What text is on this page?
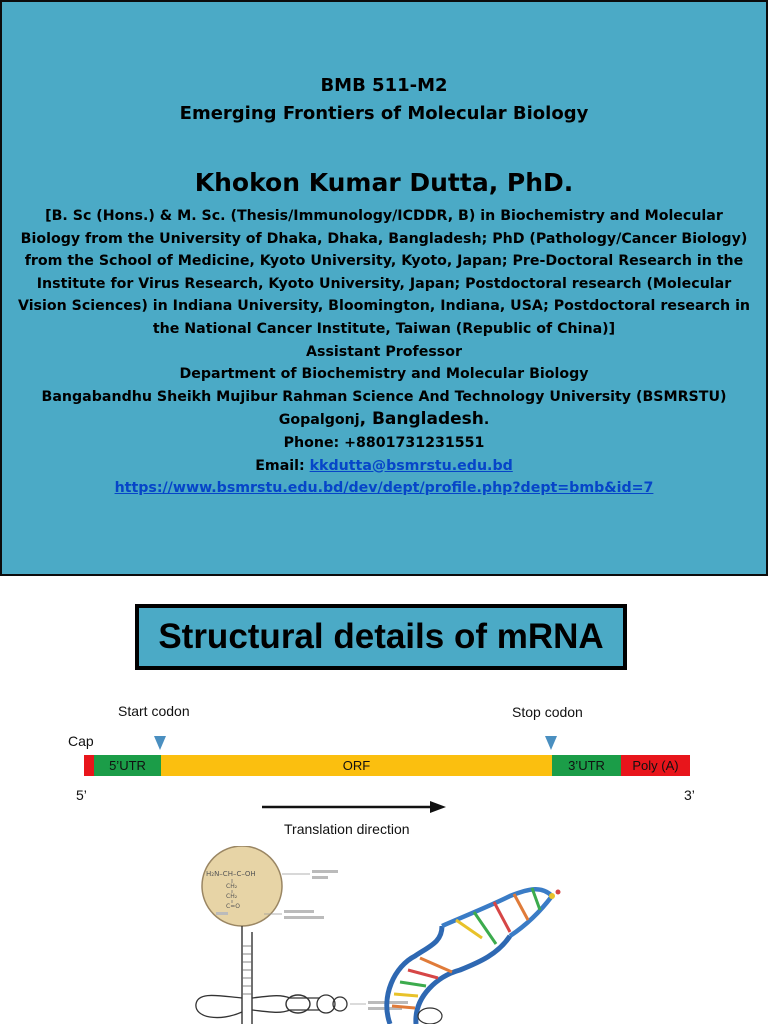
BMB 511-M2
Emerging Frontiers of Molecular Biology
Khokon Kumar Dutta, PhD.
[B. Sc (Hons.) & M. Sc. (Thesis/Immunology/ICDDR, B) in Biochemistry and Molecular Biology from the University of Dhaka, Dhaka, Bangladesh; PhD (Pathology/Cancer Biology) from the School of Medicine, Kyoto University, Kyoto, Japan; Pre-Doctoral Research in the Institute for Virus Research, Kyoto University, Japan; Postdoctoral research (Molecular Vision Sciences) in Indiana University, Bloomington, Indiana, USA; Postdoctoral research in the National Cancer Institute, Taiwan (Republic of China)]
Assistant Professor
Department of Biochemistry and Molecular Biology
Bangabandhu Sheikh Mujibur Rahman Science And Technology University (BSMRSTU)
Gopalgonj, Bangladesh.
Phone: +8801731231551
Email: kkdutta@bsmrstu.edu.bd
https://www.bsmrstu.edu.bd/dev/dept/profile.php?dept=bmb&id=7
Structural details of mRNA
Start codon	Stop codon
Cap
5’UTR	ORF	3’UTR Poly (A)
5’	3’
Translation direction
H₂N–CH–C–OH
CH₂
CH₂
C=O
